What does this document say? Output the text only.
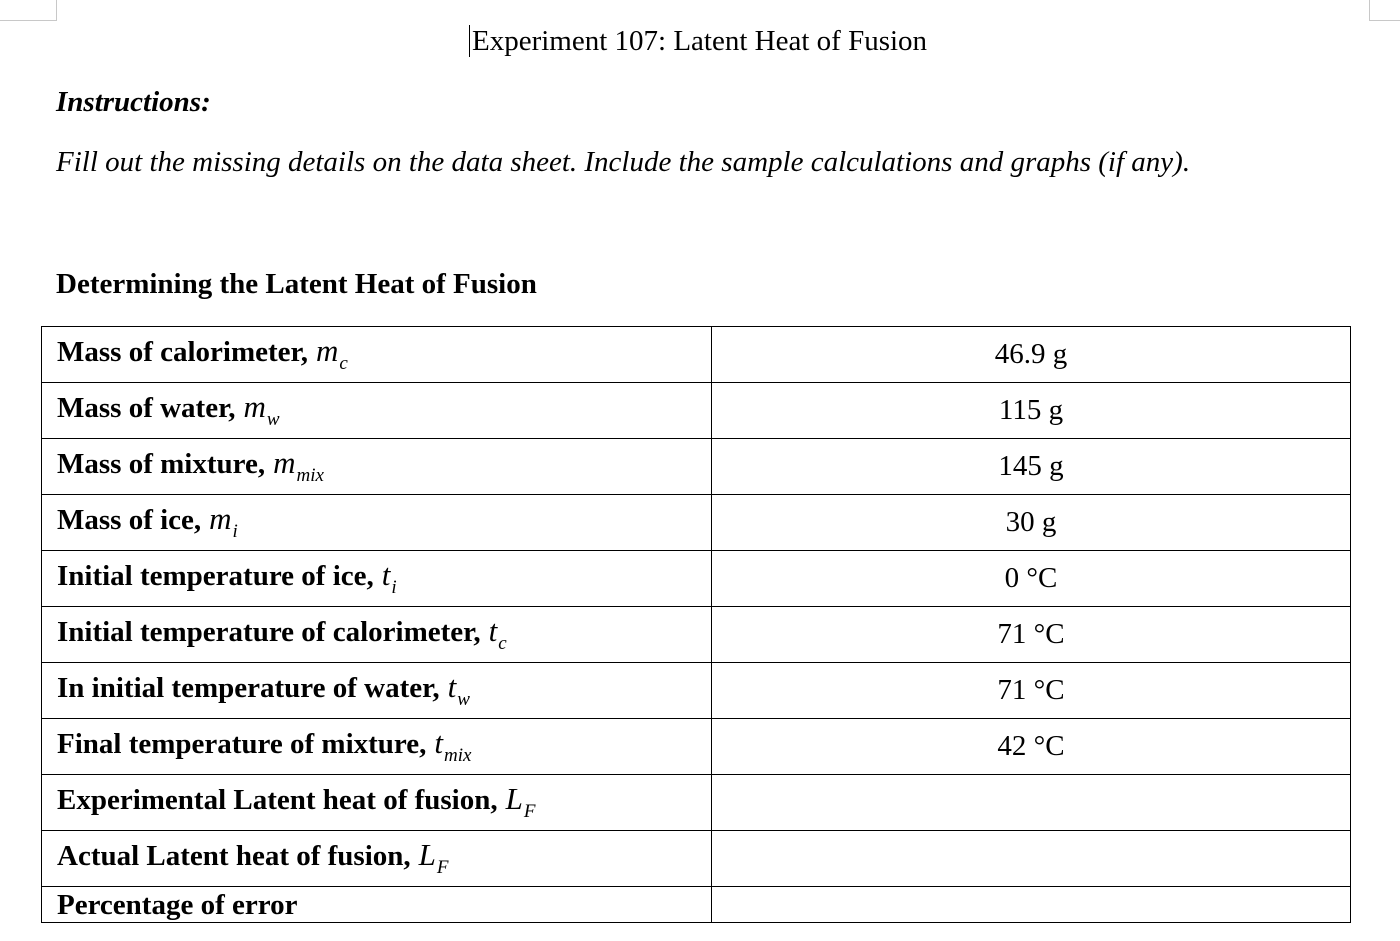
Experiment 107: Latent Heat of Fusion
Instructions:
Fill out the missing details on the data sheet. Include the sample calculations and graphs (if any).
Determining the Latent Heat of Fusion
Mass of calorimeter, $m_c$	46.9 g
Mass of water, $m_w$	115 g
Mass of mixture, $m_{mix}$	145 g
Mass of ice, $m_i$	30 g
Initial temperature of ice, $t_i$	0 °C
Initial temperature of calorimeter, $t_c$	71 °C
In initial temperature of water, $t_w$	71 °C
Final temperature of mixture, $t_{mix}$	42 °C
Experimental Latent heat of fusion, $L_F$	
Actual Latent heat of fusion, $L_F$	
Percentage of error	
